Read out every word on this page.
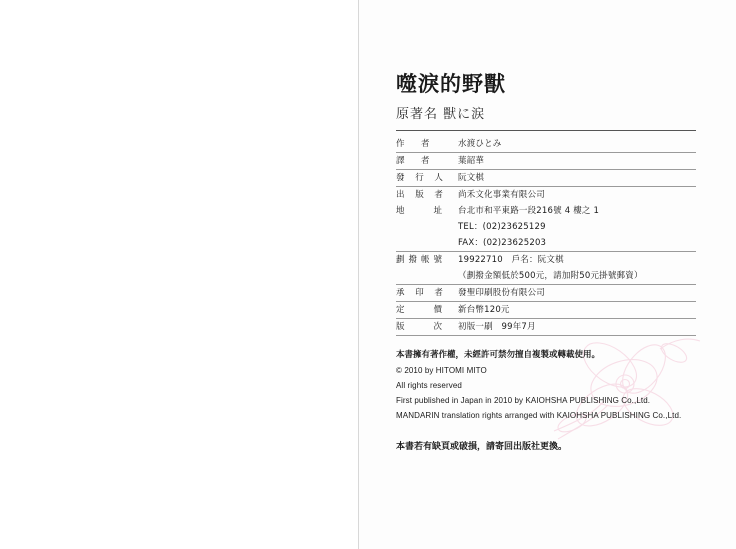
噬淚的野獸
原著名 獸に涙
作　者	水渡ひとみ
譯　者	葉韶華
發 行 人	阮文棋
出 版 者	尚禾文化事業有限公司
地　　址	台北市和平東路一段216號 4 樓之 1
	TEL：(02)23625129
	FAX：(02)23625203
劃撥帳號	19922710　戶名：阮文棋
	（劃撥金額低於500元，請加附50元掛號郵資）
承 印 者	發聖印刷股份有限公司
定　　價	新台幣120元
版　　次	初版一刷　99年7月
本書擁有著作權，未經許可禁勿擅自複製或轉載使用。
© 2010 by HITOMI MITO
All rights reserved
First published in Japan in 2010 by KAIOHSHA PUBLISHING Co.,Ltd.
MANDARIN translation rights arranged with KAIOHSHA PUBLISHING Co.,Ltd.
本書若有缺頁或破損，請寄回出版社更換。
